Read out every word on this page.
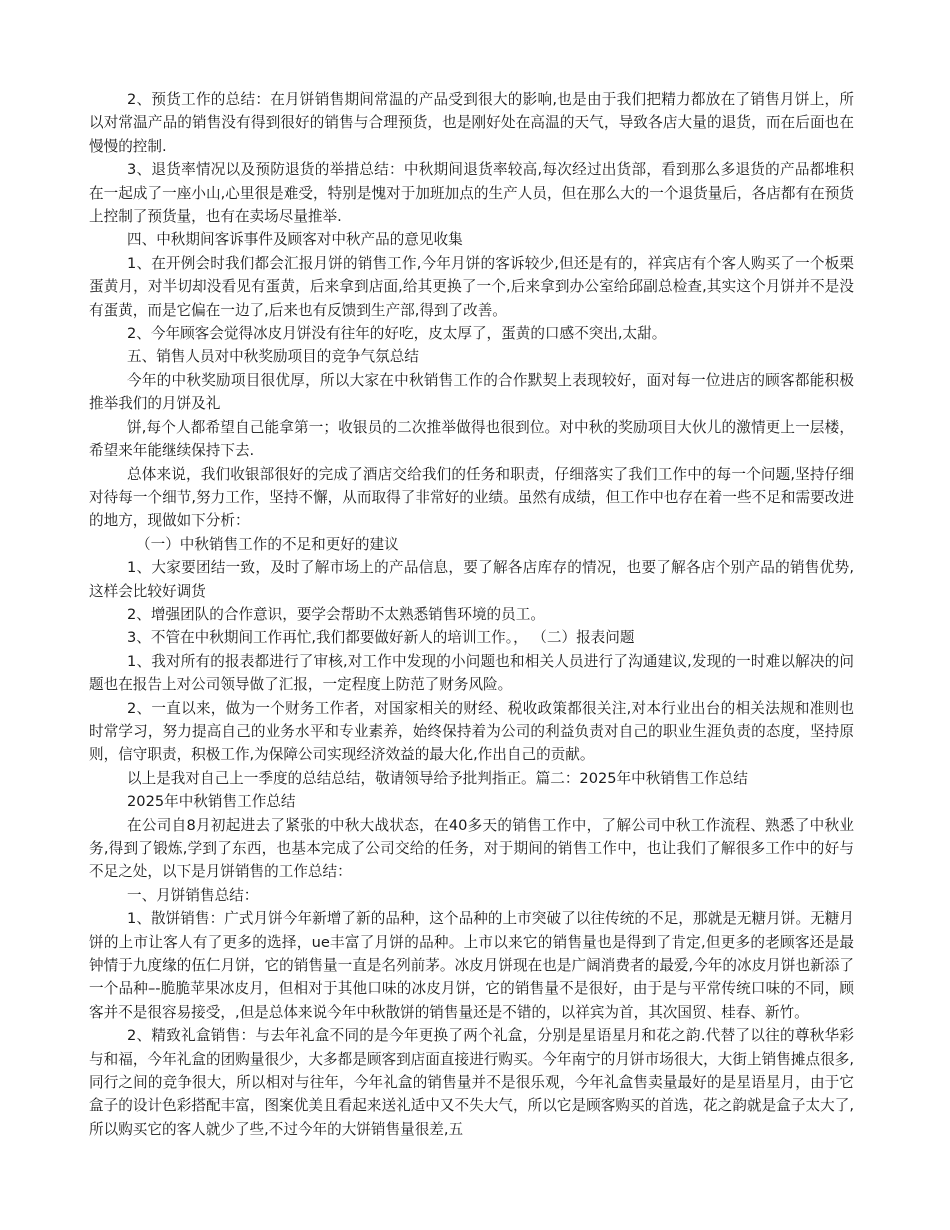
2、预货工作的总结：在月饼销售期间常温的产品受到很大的影响,也是由于我们把精力都放在了销售月饼上，所以对常温产品的销售没有得到很好的销售与合理预货，也是刚好处在高温的天气，导致各店大量的退货，而在后面也在慢慢的控制.

3、退货率情况以及预防退货的举措总结：中秋期间退货率较高,每次经过出货部，看到那么多退货的产品都堆积在一起成了一座小山,心里很是难受，特别是愧对于加班加点的生产人员，但在那么大的一个退货量后，各店都有在预货上控制了预货量，也有在卖场尽量推举.

四、中秋期间客诉事件及顾客对中秋产品的意见收集

1、在开例会时我们都会汇报月饼的销售工作,今年月饼的客诉较少,但还是有的，祥宾店有个客人购买了一个板栗蛋黄月，对半切却没看见有蛋黄，后来拿到店面,给其更换了一个,后来拿到办公室给邱副总检查,其实这个月饼并不是没有蛋黄，而是它偏在一边了,后来也有反馈到生产部,得到了改善。

2、今年顾客会觉得冰皮月饼没有往年的好吃，皮太厚了，蛋黄的口感不突出,太甜。

五、销售人员对中秋奖励项目的竞争气氛总结

今年的中秋奖励项目很优厚，所以大家在中秋销售工作的合作默契上表现较好，面对每一位进店的顾客都能积极推举我们的月饼及礼

饼,每个人都希望自己能拿第一；收银员的二次推举做得也很到位。对中秋的奖励项目大伙儿的激情更上一层楼，希望来年能继续保持下去.

总体来说，我们收银部很好的完成了酒店交给我们的任务和职责，仔细落实了我们工作中的每一个问题,坚持仔细对待每一个细节,努力工作，坚持不懈，从而取得了非常好的业绩。虽然有成绩，但工作中也存在着一些不足和需要改进的地方，现做如下分析：

（一）中秋销售工作的不足和更好的建议

1、大家要团结一致，及时了解市场上的产品信息，要了解各店库存的情况，也要了解各店个别产品的销售优势,这样会比较好调货

2、增强团队的合作意识，要学会帮助不太熟悉销售环境的员工。

3、不管在中秋期间工作再忙,我们都要做好新人的培训工作。， （二）报表问题

1、我对所有的报表都进行了审核,对工作中发现的小问题也和相关人员进行了沟通建议,发现的一时难以解决的问题也在报告上对公司领导做了汇报，一定程度上防范了财务风险。

2、一直以来，做为一个财务工作者，对国家相关的财经、税收政策都很关注,对本行业出台的相关法规和准则也时常学习，努力提高自己的业务水平和专业素养，始终保持着为公司的利益负责对自己的职业生涯负责的态度，坚持原则，信守职责，积极工作,为保障公司实现经济效益的最大化,作出自己的贡献。

以上是我对自己上一季度的总结总结，敬请领导给予批判指正。篇二：2025年中秋销售工作总结

2025年中秋销售工作总结

在公司自8月初起进去了紧张的中秋大战状态，在40多天的销售工作中，了解公司中秋工作流程、熟悉了中秋业务,得到了锻炼,学到了东西，也基本完成了公司交给的任务，对于期间的销售工作中，也让我们了解很多工作中的好与不足之处，以下是月饼销售的工作总结：

一、月饼销售总结：

1、散饼销售：广式月饼今年新增了新的品种，这个品种的上市突破了以往传统的不足，那就是无糖月饼。无糖月饼的上市让客人有了更多的选择，ue丰富了月饼的品种。上市以来它的销售量也是得到了肯定,但更多的老顾客还是最钟情于九度缘的伍仁月饼，它的销售量一直是名列前茅。冰皮月饼现在也是广阔消费者的最爱,今年的冰皮月饼也新添了一个品种–-脆脆苹果冰皮月，但相对于其他口味的冰皮月饼，它的销售量不是很好，由于是与平常传统口味的不同，顾客并不是很容易接受，,但是总体来说今年中秋散饼的销售量还是不错的，以祥宾为首，其次国贸、桂春、新竹。

2、精致礼盒销售：与去年礼盒不同的是今年更换了两个礼盒，分别是星语星月和花之韵.代替了以往的尊秋华彩与和福，今年礼盒的团购量很少，大多都是顾客到店面直接进行购买。今年南宁的月饼市场很大，大街上销售摊点很多,同行之间的竞争很大，所以相对与往年，今年礼盒的销售量并不是很乐观，今年礼盒售卖量最好的是星语星月，由于它盒子的设计色彩搭配丰富，图案优美且看起来送礼适中又不失大气，所以它是顾客购买的首选，花之韵就是盒子太大了,所以购买它的客人就少了些,不过今年的大饼销售量很差,五
